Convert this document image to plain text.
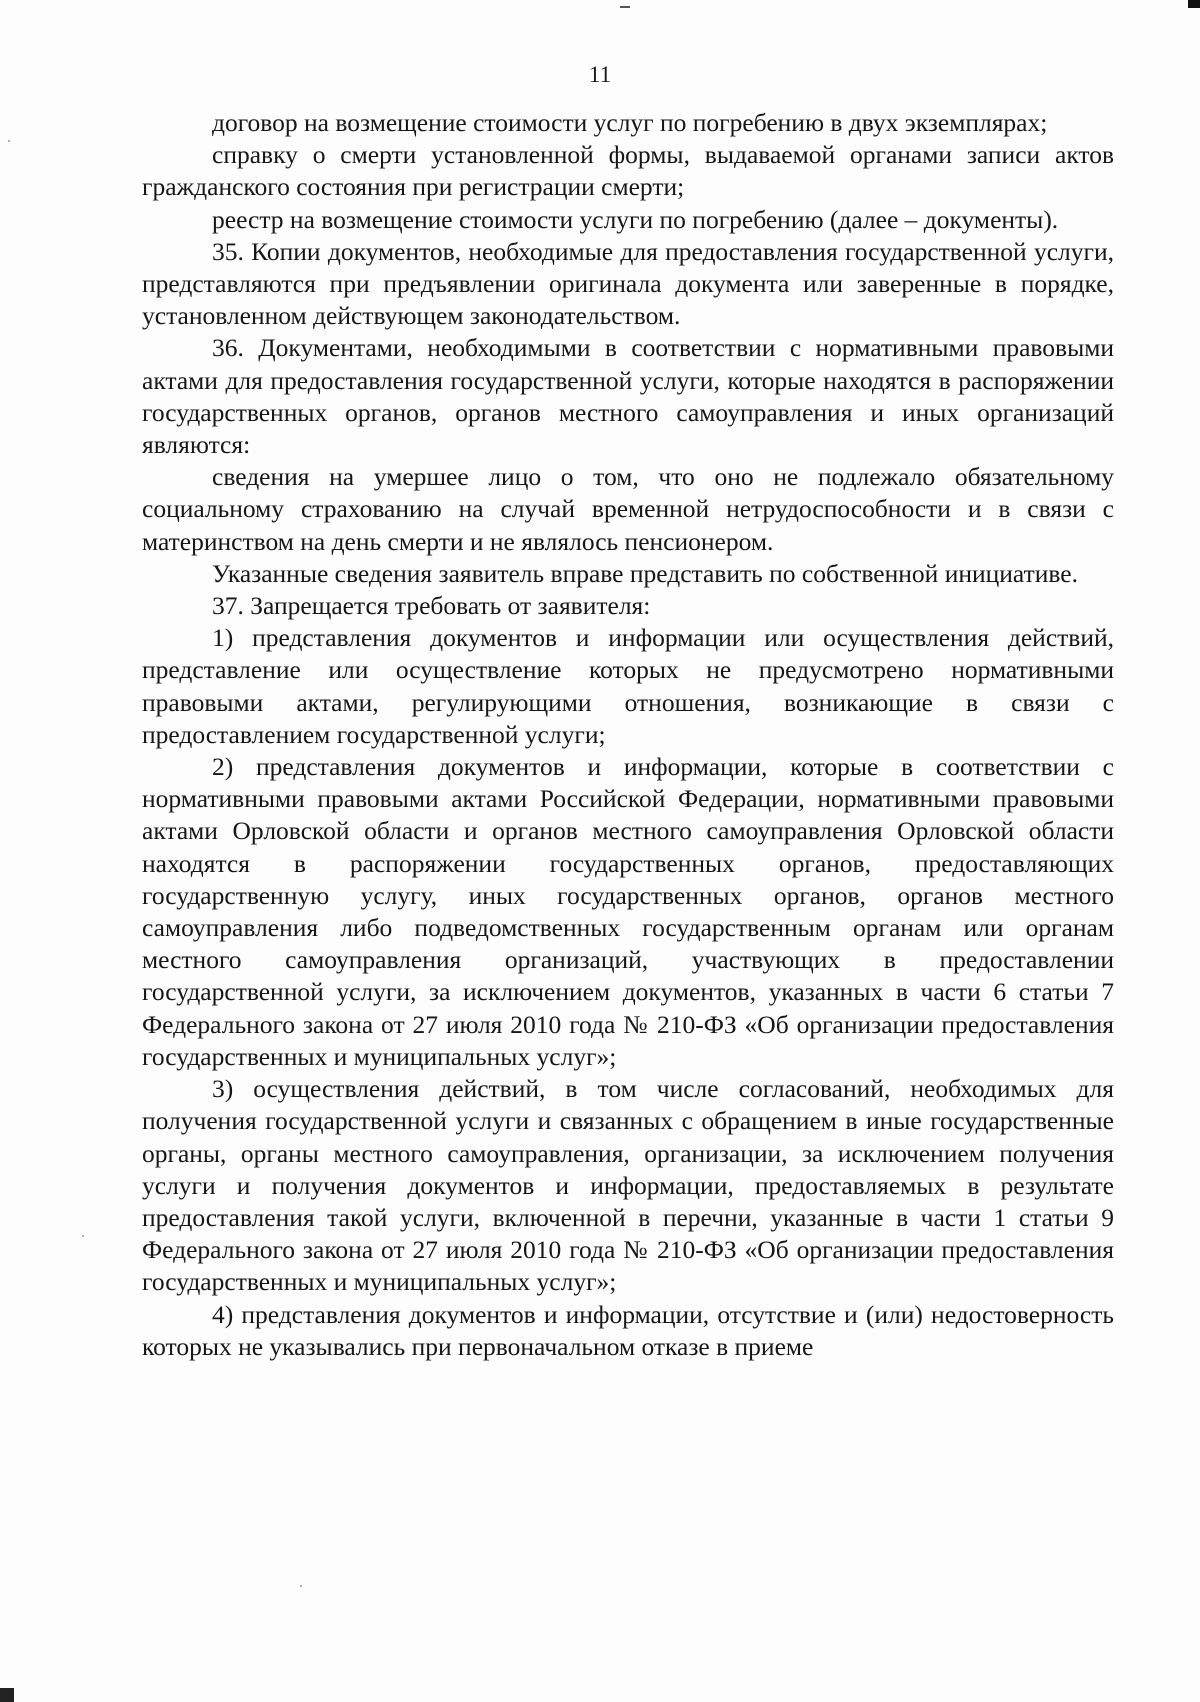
11

договор на возмещение стоимости услуг по погребению в двух экземплярах;

справку о смерти установленной формы, выдаваемой органами записи актов гражданского состояния при регистрации смерти;

реестр на возмещение стоимости услуги по погребению (далее – документы).

35. Копии документов, необходимые для предоставления государственной услуги, представляются при предъявлении оригинала документа или заверенные в порядке, установленном действующем законодательством.

36. Документами, необходимыми в соответствии с нормативными правовыми актами для предоставления государственной услуги, которые находятся в распоряжении государственных органов, органов местного самоуправления и иных организаций являются:

сведения на умершее лицо о том, что оно не подлежало обязательному социальному страхованию на случай временной нетрудоспособности и в связи с материнством на день смерти и не являлось пенсионером.

Указанные сведения заявитель вправе представить по собственной инициативе.

37. Запрещается требовать от заявителя:

1) представления документов и информации или осуществления действий, представление или осуществление которых не предусмотрено нормативными правовыми актами, регулирующими отношения, возникающие в связи с предоставлением государственной услуги;

2) представления документов и информации, которые в соответствии с нормативными правовыми актами Российской Федерации, нормативными правовыми актами Орловской области и органов местного самоуправления Орловской области находятся в распоряжении государственных органов, предоставляющих государственную услугу, иных государственных органов, органов местного самоуправления либо подведомственных государственным органам или органам местного самоуправления организаций, участвующих в предоставлении государственной услуги, за исключением документов, указанных в части 6 статьи 7 Федерального закона от 27 июля 2010 года № 210-ФЗ «Об организации предоставления государственных и муниципальных услуг»;

3) осуществления действий, в том числе согласований, необходимых для получения государственной услуги и связанных с обращением в иные государственные органы, органы местного самоуправления, организации, за исключением получения услуги и получения документов и информации, предоставляемых в результате предоставления такой услуги, включенной в перечни, указанные в части 1 статьи 9 Федерального закона от 27 июля 2010 года № 210-ФЗ «Об организации предоставления государственных и муниципальных услуг»;

4) представления документов и информации, отсутствие и (или) недостоверность которых не указывались при первоначальном отказе в приеме
